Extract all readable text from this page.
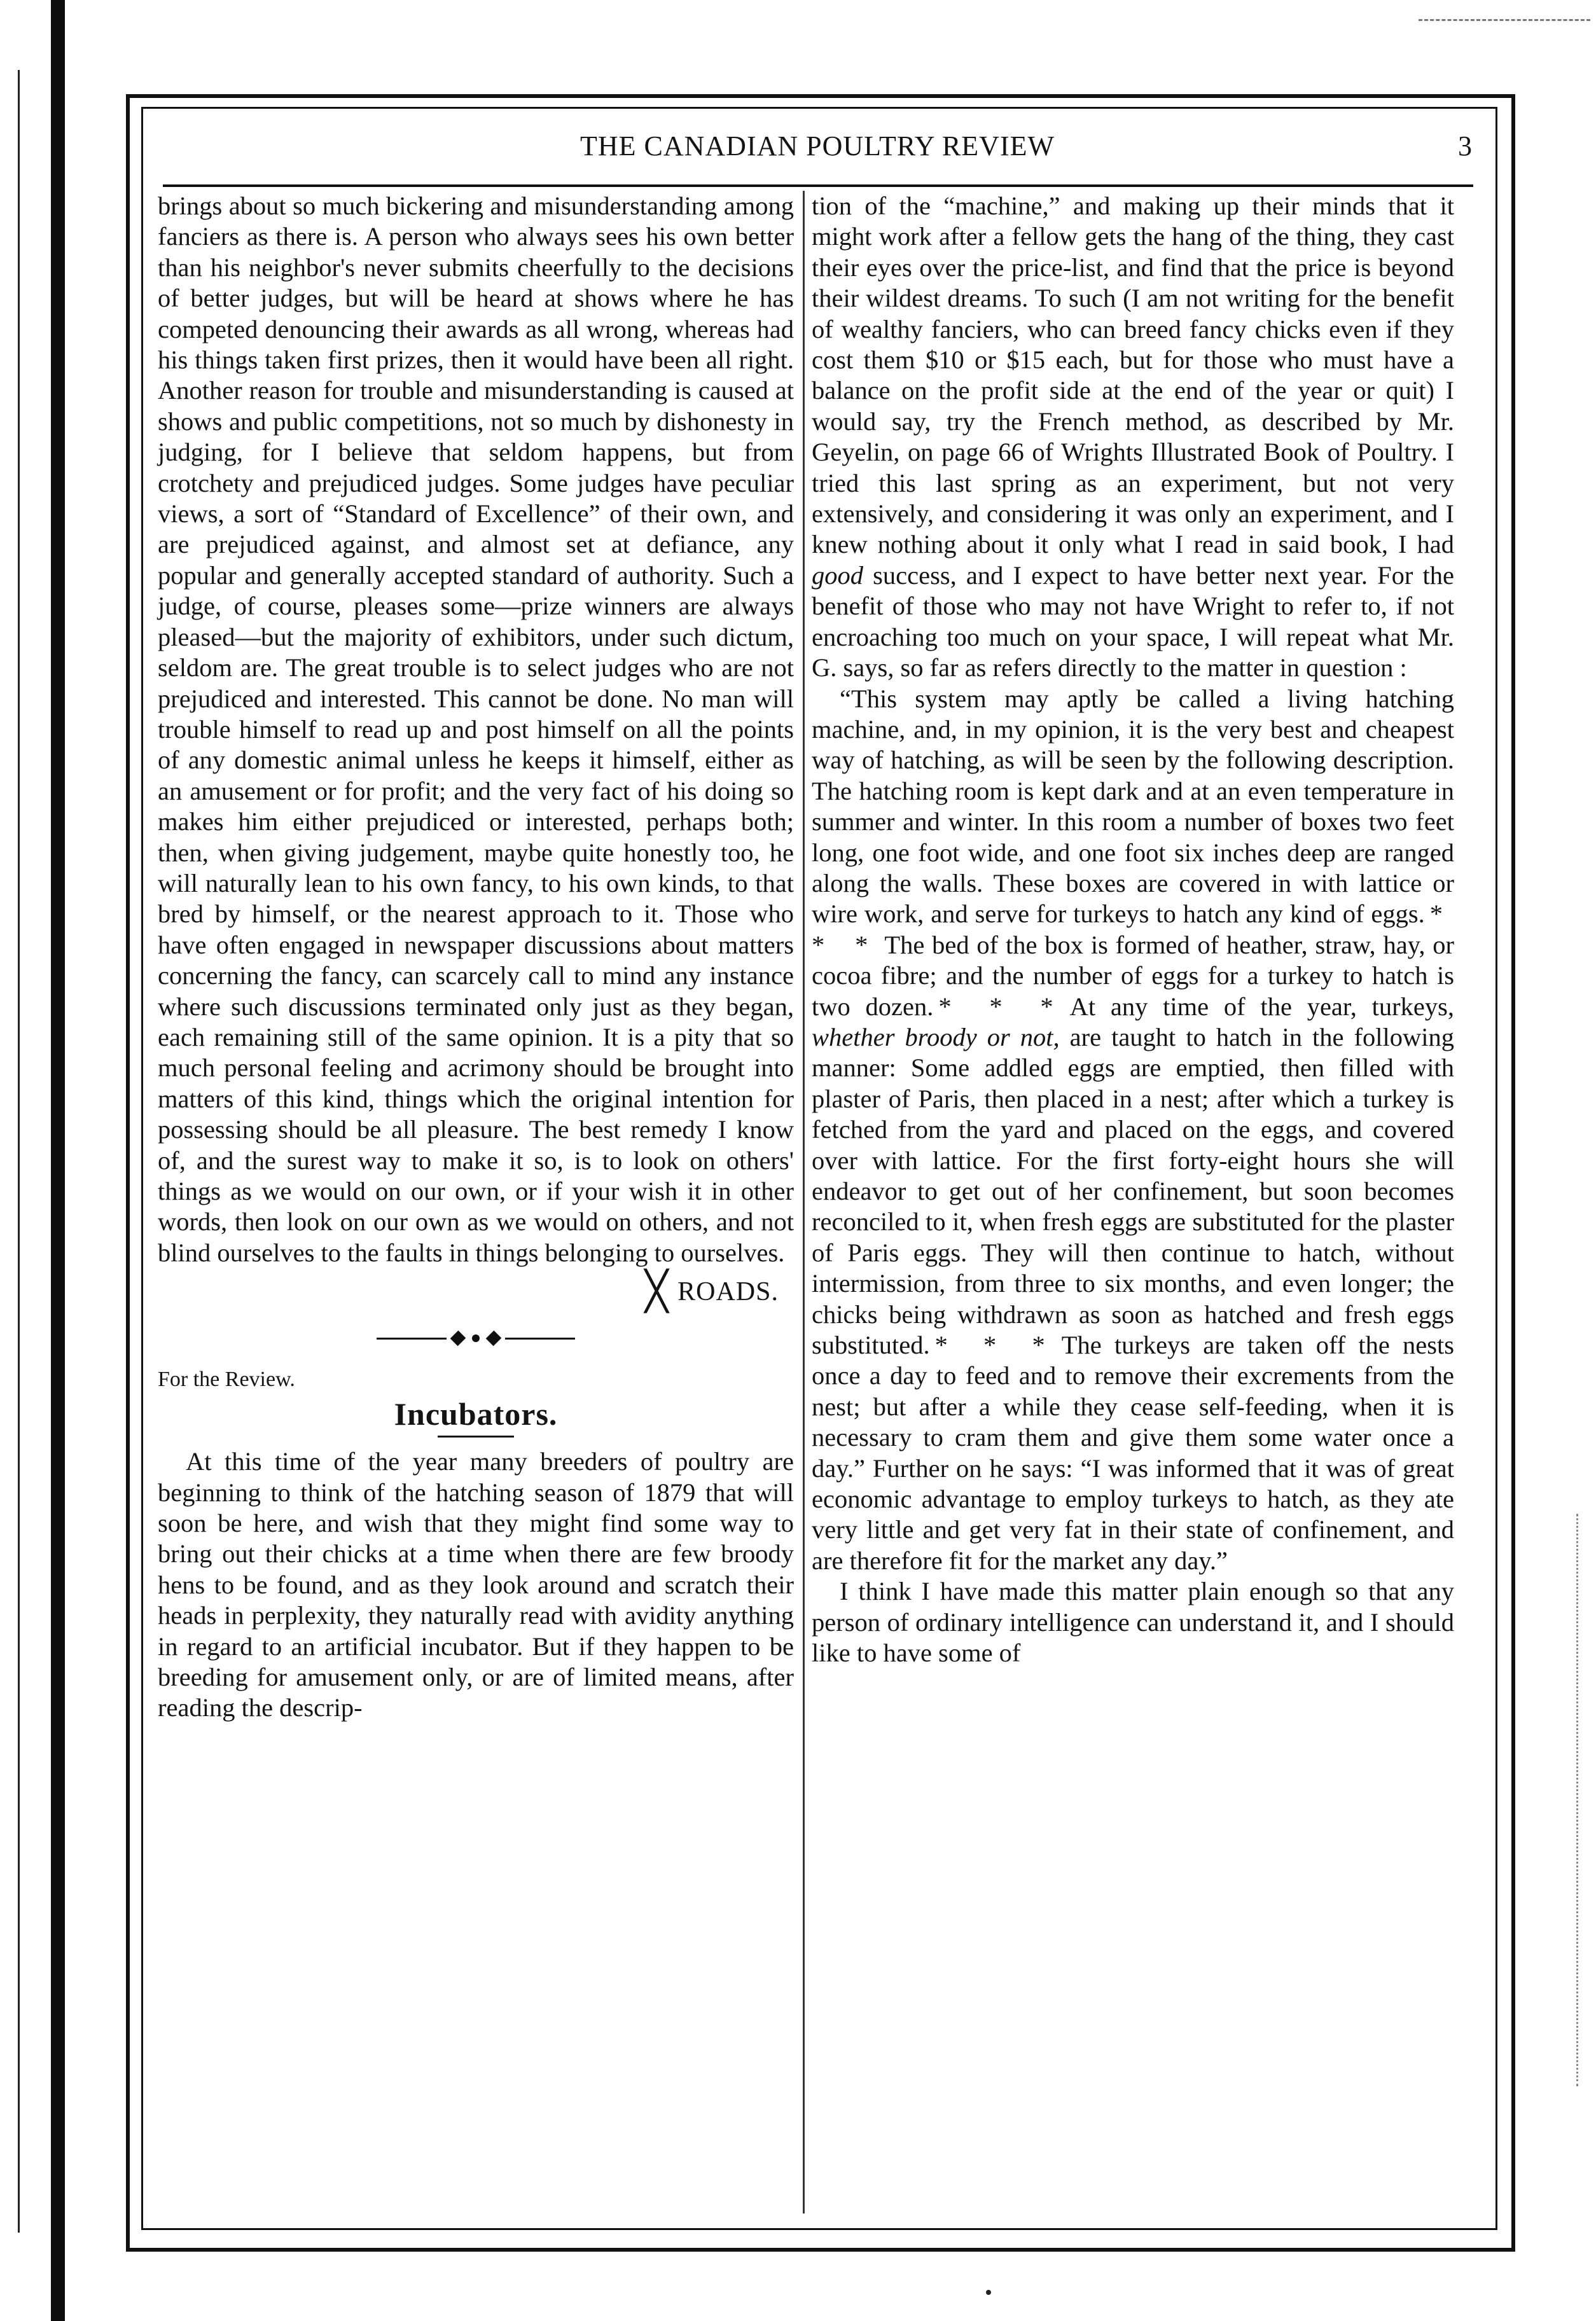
THE CANADIAN POULTRY REVIEW	3

brings about so much bickering and misunderstanding among fanciers as there is. A person who always sees his own better than his neighbor's never submits cheerfully to the decisions of better judges, but will be heard at shows where he has competed denouncing their awards as all wrong, whereas had his things taken first prizes, then it would have been all right. Another reason for trouble and misunderstanding is caused at shows and public competitions, not so much by dishonesty in judging, for I believe that seldom happens, but from crotchety and prejudiced judges. Some judges have peculiar views, a sort of “Standard of Excellence” of their own, and are prejudiced against, and almost set at defiance, any popular and generally accepted standard of authority. Such a judge, of course, pleases some—prize winners are always pleased—but the majority of exhibitors, under such dictum, seldom are. The great trouble is to select judges who are not prejudiced and interested. This cannot be done. No man will trouble himself to read up and post himself on all the points of any domestic animal unless he keeps it himself, either as an amusement or for profit; and the very fact of his doing so makes him either prejudiced or interested, perhaps both; then, when giving judgement, maybe quite honestly too, he will naturally lean to his own fancy, to his own kinds, to that bred by himself, or the nearest approach to it. Those who have often engaged in newspaper discussions about matters concerning the fancy, can scarcely call to mind any instance where such discussions terminated only just as they began, each remaining still of the same opinion. It is a pity that so much personal feeling and acrimony should be brought into matters of this kind, things which the original intention for possessing should be all pleasure. The best remedy I know of, and the surest way to make it so, is to look on others' things as we would on our own, or if your wish it in other words, then look on our own as we would on others, and not blind ourselves to the faults in things belonging to ourselves.

╳ ROADS.
For the Review.
Incubators.

At this time of the year many breeders of poultry are beginning to think of the hatching season of 1879 that will soon be here, and wish that they might find some way to bring out their chicks at a time when there are few broody hens to be found, and as they look around and scratch their heads in perplexity, they naturally read with avidity anything in regard to an artificial incubator. But if they happen to be breeding for amusement only, or are of limited means, after reading the descrip-

tion of the “machine,” and making up their minds that it might work after a fellow gets the hang of the thing, they cast their eyes over the price-list, and find that the price is beyond their wildest dreams. To such (I am not writing for the benefit of wealthy fanciers, who can breed fancy chicks even if they cost them $10 or $15 each, but for those who must have a balance on the profit side at the end of the year or quit) I would say, try the French method, as described by Mr. Geyelin, on page 66 of Wrights Illustrated Book of Poultry. I tried this last spring as an experiment, but not very extensively, and considering it was only an experiment, and I knew nothing about it only what I read in said book, I had good success, and I expect to have better next year. For the benefit of those who may not have Wright to refer to, if not encroaching too much on your space, I will repeat what Mr. G. says, so far as refers directly to the matter in question :

“This system may aptly be called a living hatching machine, and, in my opinion, it is the very best and cheapest way of hatching, as will be seen by the following description. The hatching room is kept dark and at an even temperature in summer and winter. In this room a number of boxes two feet long, one foot wide, and one foot six inches deep are ranged along the walls. These boxes are covered in with lattice or wire work, and serve for turkeys to hatch any kind of eggs. * * * The bed of the box is formed of heather, straw, hay, or cocoa fibre; and the number of eggs for a turkey to hatch is two dozen. * * * At any time of the year, turkeys, whether broody or not, are taught to hatch in the following manner: Some addled eggs are emptied, then filled with plaster of Paris, then placed in a nest; after which a turkey is fetched from the yard and placed on the eggs, and covered over with lattice. For the first forty-eight hours she will endeavor to get out of her confinement, but soon becomes reconciled to it, when fresh eggs are substituted for the plaster of Paris eggs. They will then continue to hatch, without intermission, from three to six months, and even longer; the chicks being withdrawn as soon as hatched and fresh eggs substituted. * * * The turkeys are taken off the nests once a day to feed and to remove their excrements from the nest; but after a while they cease self-feeding, when it is necessary to cram them and give them some water once a day.” Further on he says: “I was informed that it was of great economic advantage to employ turkeys to hatch, as they ate very little and get very fat in their state of confinement, and are therefore fit for the market any day.”

I think I have made this matter plain enough so that any person of ordinary intelligence can understand it, and I should like to have some of
